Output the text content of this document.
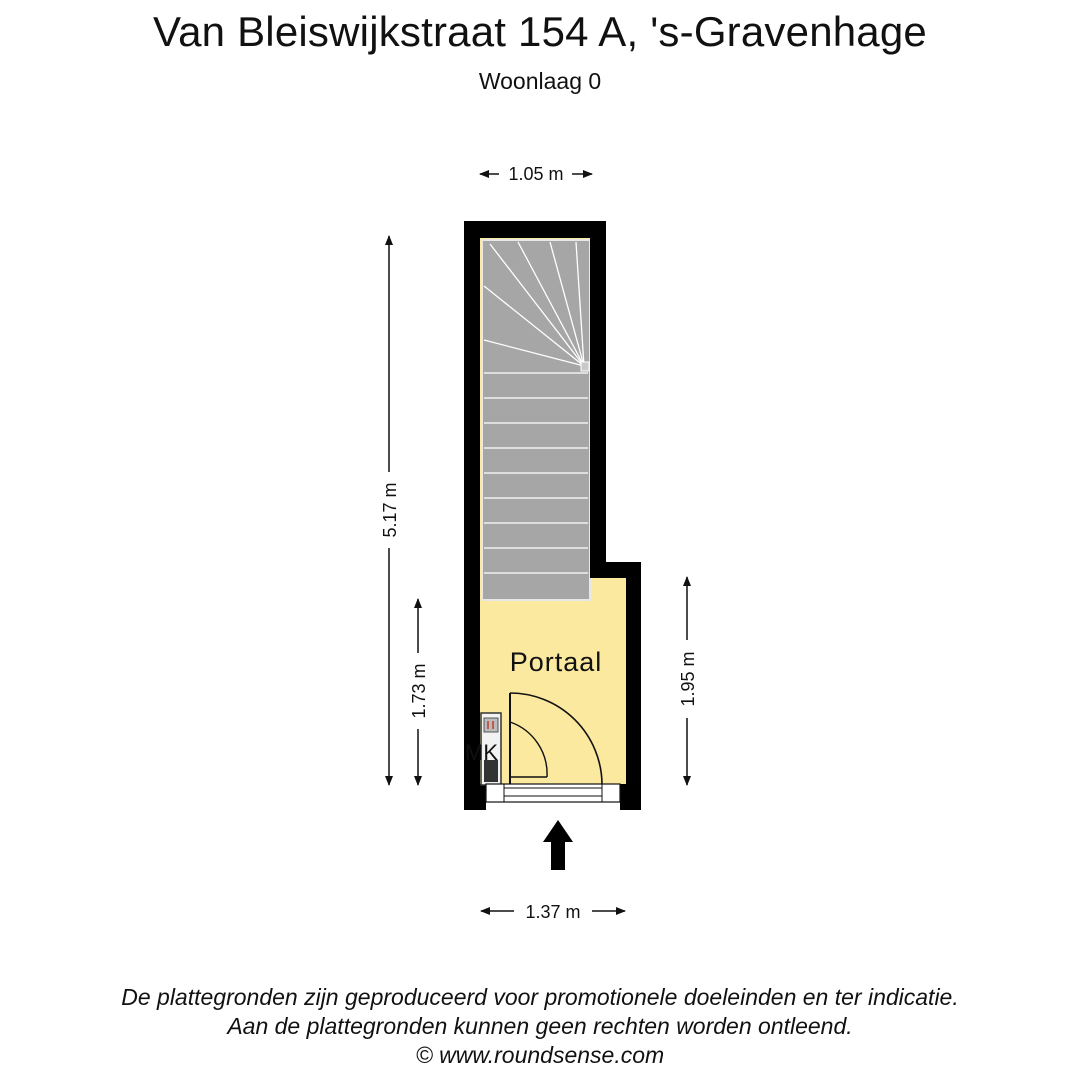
Van Bleiswijkstraat 154 A, 's-Gravenhage
Woonlaag 0
MK
Portaal
1.05 m
1.37 m
5.17 m
1.73 m	1.95 m
De plattegronden zijn geproduceerd voor promotionele doeleinden en ter indicatie.
Aan de plattegronden kunnen geen rechten worden ontleend.
© www.roundsense.com
